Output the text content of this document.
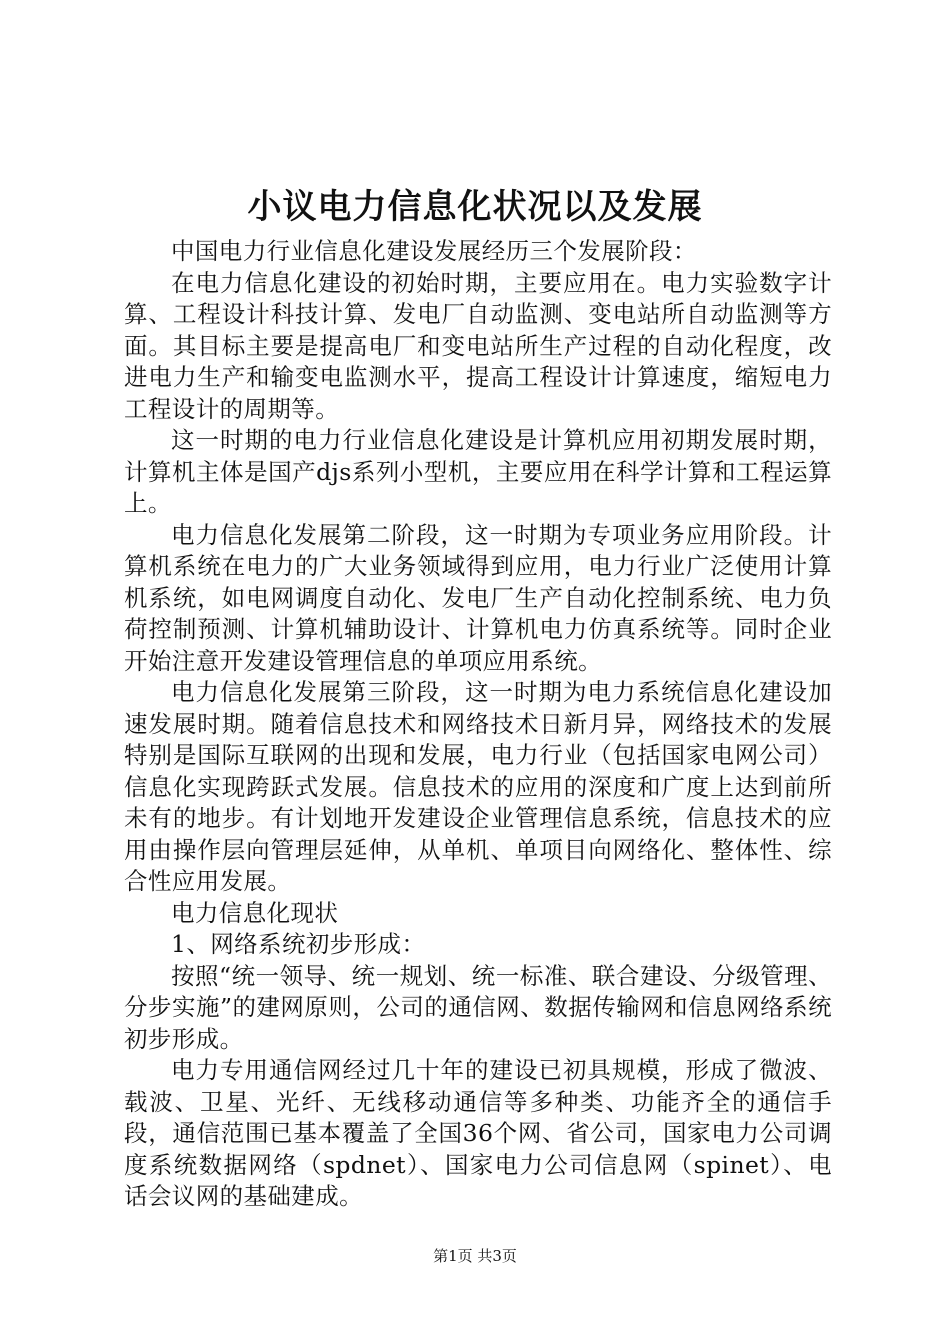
小议电力信息化状况以及发展

中国电力行业信息化建设发展经历三个发展阶段：

在电力信息化建设的初始时期，主要应用在。电力实验数字计算、工程设计科技计算、发电厂自动监测、变电站所自动监测等方面。其目标主要是提高电厂和变电站所生产过程的自动化程度，改进电力生产和输变电监测水平，提高工程设计计算速度，缩短电力工程设计的周期等。

这一时期的电力行业信息化建设是计算机应用初期发展时期，计算机主体是国产djs系列小型机，主要应用在科学计算和工程运算上。

电力信息化发展第二阶段，这一时期为专项业务应用阶段。计算机系统在电力的广大业务领域得到应用，电力行业广泛使用计算机系统，如电网调度自动化、发电厂生产自动化控制系统、电力负荷控制预测、计算机辅助设计、计算机电力仿真系统等。同时企业开始注意开发建设管理信息的单项应用系统。

电力信息化发展第三阶段，这一时期为电力系统信息化建设加速发展时期。随着信息技术和网络技术日新月异，网络技术的发展特别是国际互联网的出现和发展，电力行业（包括国家电网公司）信息化实现跨跃式发展。信息技术的应用的深度和广度上达到前所未有的地步。有计划地开发建设企业管理信息系统，信息技术的应用由操作层向管理层延伸，从单机、单项目向网络化、整体性、综合性应用发展。

电力信息化现状

1、网络系统初步形成：

按照“统一领导、统一规划、统一标准、联合建设、分级管理、分步实施”的建网原则，公司的通信网、数据传输网和信息网络系统初步形成。

电力专用通信网经过几十年的建设已初具规模，形成了微波、载波、卫星、光纤、无线移动通信等多种类、功能齐全的通信手段，通信范围已基本覆盖了全国36个网、省公司，国家电力公司调度系统数据网络（spdnet）、国家电力公司信息网（spinet）、电话会议网的基础建成。

第1页 共3页
